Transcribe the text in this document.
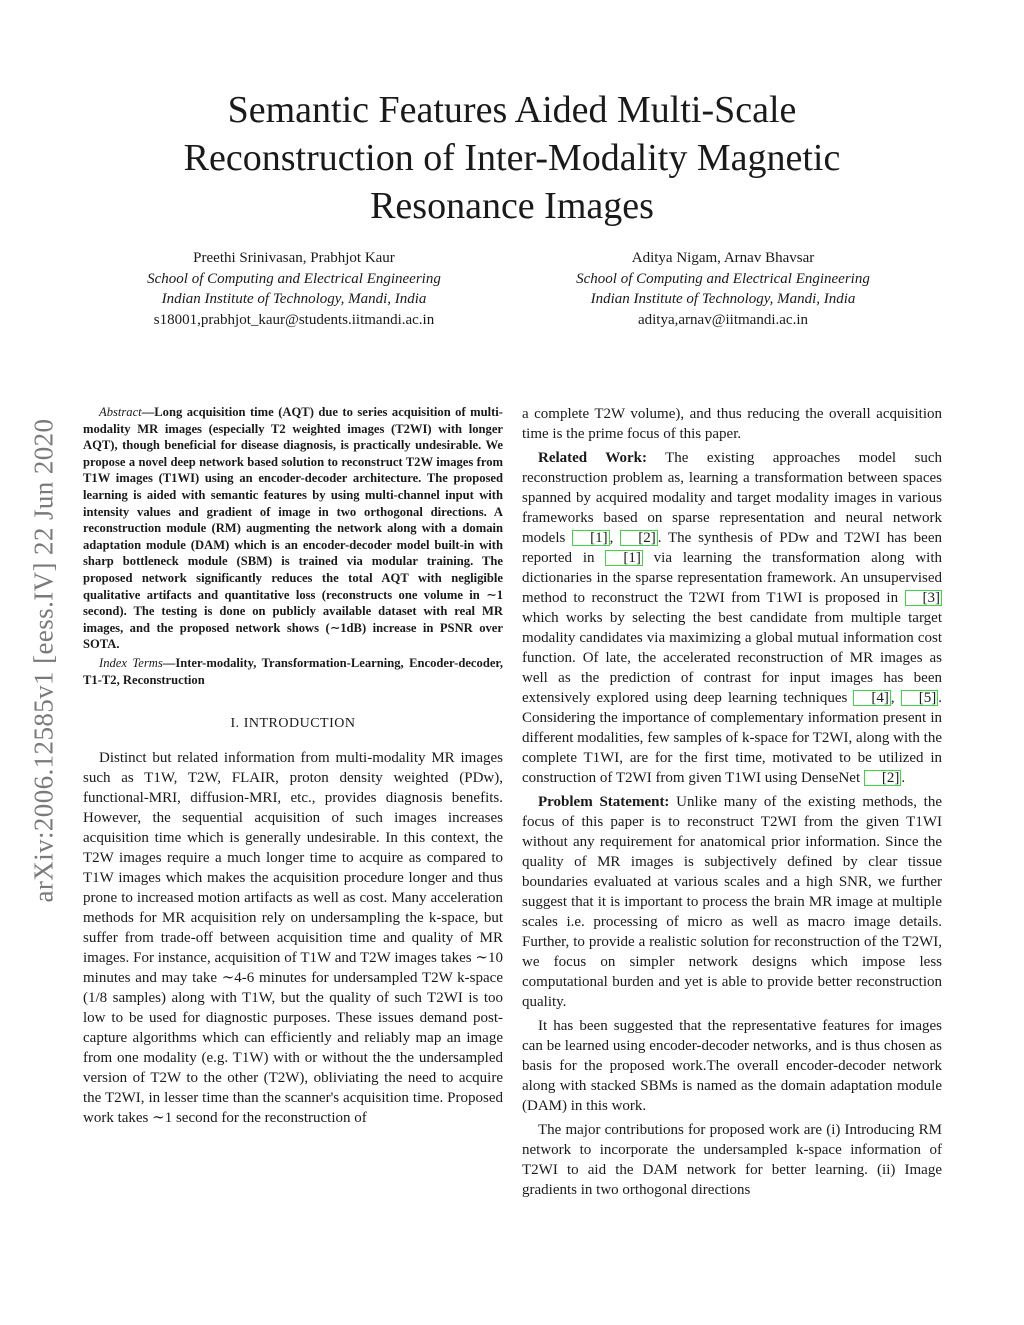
arXiv:2006.12585v1 [eess.IV] 22 Jun 2020
Semantic Features Aided Multi-Scale Reconstruction of Inter-Modality Magnetic Resonance Images
Preethi Srinivasan, Prabhjot Kaur
School of Computing and Electrical Engineering
Indian Institute of Technology, Mandi, India
s18001,prabhjot_kaur@students.iitmandi.ac.in
Aditya Nigam, Arnav Bhavsar
School of Computing and Electrical Engineering
Indian Institute of Technology, Mandi, India
aditya,arnav@iitmandi.ac.in

Abstract—Long acquisition time (AQT) due to series acquisition of multi-modality MR images (especially T2 weighted images (T2WI) with longer AQT), though beneficial for disease diagnosis, is practically undesirable. We propose a novel deep network based solution to reconstruct T2W images from T1W images (T1WI) using an encoder-decoder architecture. The proposed learning is aided with semantic features by using multi-channel input with intensity values and gradient of image in two orthogonal directions. A reconstruction module (RM) augmenting the network along with a domain adaptation module (DAM) which is an encoder-decoder model built-in with sharp bottleneck module (SBM) is trained via modular training. The proposed network significantly reduces the total AQT with negligible qualitative artifacts and quantitative loss (reconstructs one volume in ∼1 second). The testing is done on publicly available dataset with real MR images, and the proposed network shows (∼1dB) increase in PSNR over SOTA.

Index Terms—Inter-modality, Transformation-Learning, Encoder-decoder, T1-T2, Reconstruction

I. INTRODUCTION

Distinct but related information from multi-modality MR images such as T1W, T2W, FLAIR, proton density weighted (PDw), functional-MRI, diffusion-MRI, etc., provides diagnosis benefits. However, the sequential acquisition of such images increases acquisition time which is generally undesirable. In this context, the T2W images require a much longer time to acquire as compared to T1W images which makes the acquisition procedure longer and thus prone to increased motion artifacts as well as cost. Many acceleration methods for MR acquisition rely on undersampling the k-space, but suffer from trade-off between acquisition time and quality of MR images. For instance, acquisition of T1W and T2W images takes ∼10 minutes and may take ∼4-6 minutes for undersampled T2W k-space (1/8 samples) along with T1W, but the quality of such T2WI is too low to be used for diagnostic purposes. These issues demand post-capture algorithms which can efficiently and reliably map an image from one modality (e.g. T1W) with or without the the undersampled version of T2W to the other (T2W), obliviating the need to acquire the T2WI, in lesser time than the scanner's acquisition time. Proposed work takes ∼1 second for the reconstruction of

a complete T2W volume), and thus reducing the overall acquisition time is the prime focus of this paper.

Related Work: The existing approaches model such reconstruction problem as, learning a transformation between spaces spanned by acquired modality and target modality images in various frameworks based on sparse representation and neural network models [1] , [2] . The synthesis of PDw and T2WI has been reported in [1] via learning the transformation along with dictionaries in the sparse representation framework. An unsupervised method to reconstruct the T2WI from T1WI is proposed in [3] which works by selecting the best candidate from multiple target modality candidates via maximizing a global mutual information cost function. Of late, the accelerated reconstruction of MR images as well as the prediction of contrast for input images has been extensively explored using deep learning techniques [4] , [5] . Considering the importance of complementary information present in different modalities, few samples of k-space for T2WI, along with the complete T1WI, are for the first time, motivated to be utilized in construction of T2WI from given T1WI using DenseNet [2] .

Problem Statement: Unlike many of the existing methods, the focus of this paper is to reconstruct T2WI from the given T1WI without any requirement for anatomical prior information. Since the quality of MR images is subjectively defined by clear tissue boundaries evaluated at various scales and a high SNR, we further suggest that it is important to process the brain MR image at multiple scales i.e. processing of micro as well as macro image details. Further, to provide a realistic solution for reconstruction of the T2WI, we focus on simpler network designs which impose less computational burden and yet is able to provide better reconstruction quality.

It has been suggested that the representative features for images can be learned using encoder-decoder networks, and is thus chosen as basis for the proposed work.The overall encoder-decoder network along with stacked SBMs is named as the domain adaptation module (DAM) in this work.

The major contributions for proposed work are (i) Introducing RM network to incorporate the undersampled k-space information of T2WI to aid the DAM network for better learning. (ii) Image gradients in two orthogonal directions
